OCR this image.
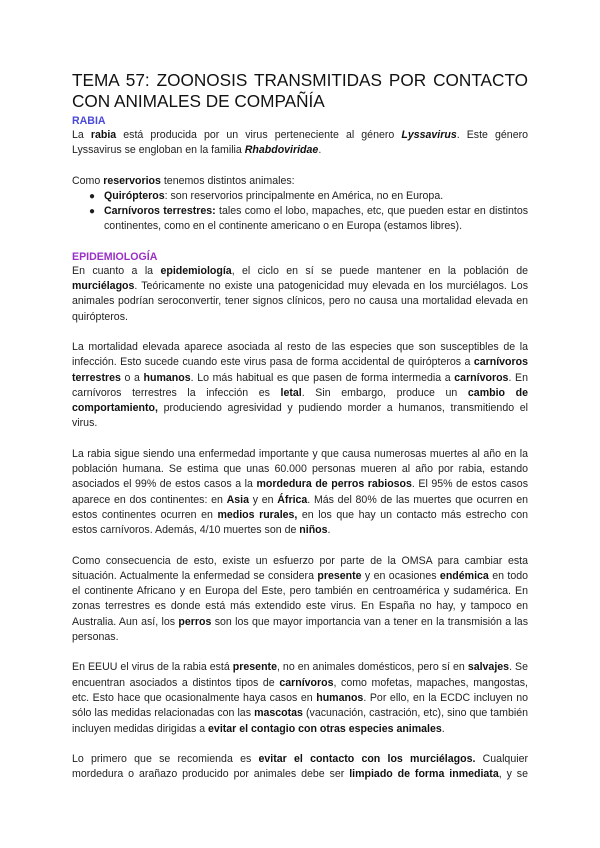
TEMA 57: ZOONOSIS TRANSMITIDAS POR CONTACTO CON ANIMALES DE COMPAÑÍA
RABIA

La rabia está producida por un virus perteneciente al género Lyssavirus. Este género Lyssavirus se engloban en la familia Rhabdoviridae.

Como reservorios tenemos distintos animales:

● Quirópteros: son reservorios principalmente en América, no en Europa.
● Carnívoros terrestres: tales como el lobo, mapaches, etc, que pueden estar en distintos continentes, como en el continente americano o en Europa (estamos libres).
EPIDEMIOLOGÍA

En cuanto a la epidemiología, el ciclo en sí se puede mantener en la población de murciélagos. Teóricamente no existe una patogenicidad muy elevada en los murciélagos. Los animales podrían seroconvertir, tener signos clínicos, pero no causa una mortalidad elevada en quirópteros.

La mortalidad elevada aparece asociada al resto de las especies que son susceptibles de la infección. Esto sucede cuando este virus pasa de forma accidental de quirópteros a carnívoros terrestres o a humanos. Lo más habitual es que pasen de forma intermedia a carnívoros. En carnívoros terrestres la infección es letal. Sin embargo, produce un cambio de comportamiento, produciendo agresividad y pudiendo morder a humanos, transmitiendo el virus.

La rabia sigue siendo una enfermedad importante y que causa numerosas muertes al año en la población humana. Se estima que unas 60.000 personas mueren al año por rabia, estando asociados el 99% de estos casos a la mordedura de perros rabiosos. El 95% de estos casos aparece en dos continentes: en Asia y en África. Más del 80% de las muertes que ocurren en estos continentes ocurren en medios rurales, en los que hay un contacto más estrecho con estos carnívoros. Además, 4/10 muertes son de niños.

Como consecuencia de esto, existe un esfuerzo por parte de la OMSA para cambiar esta situación. Actualmente la enfermedad se considera presente y en ocasiones endémica en todo el continente Africano y en Europa del Este, pero también en centroamérica y sudamérica. En zonas terrestres es donde está más extendido este virus. En España no hay, y tampoco en Australia. Aun así, los perros son los que mayor importancia van a tener en la transmisión a las personas.

En EEUU el virus de la rabia está presente, no en animales domésticos, pero sí en salvajes. Se encuentran asociados a distintos tipos de carnívoros, como mofetas, mapaches, mangostas, etc. Esto hace que ocasionalmente haya casos en humanos. Por ello, en la ECDC incluyen no sólo las medidas relacionadas con las mascotas (vacunación, castración, etc), sino que también incluyen medidas dirigidas a evitar el contagio con otras especies animales.

Lo primero que se recomienda es evitar el contacto con los murciélagos. Cualquier mordedura o arañazo producido por animales debe ser limpiado de forma inmediata, y se
